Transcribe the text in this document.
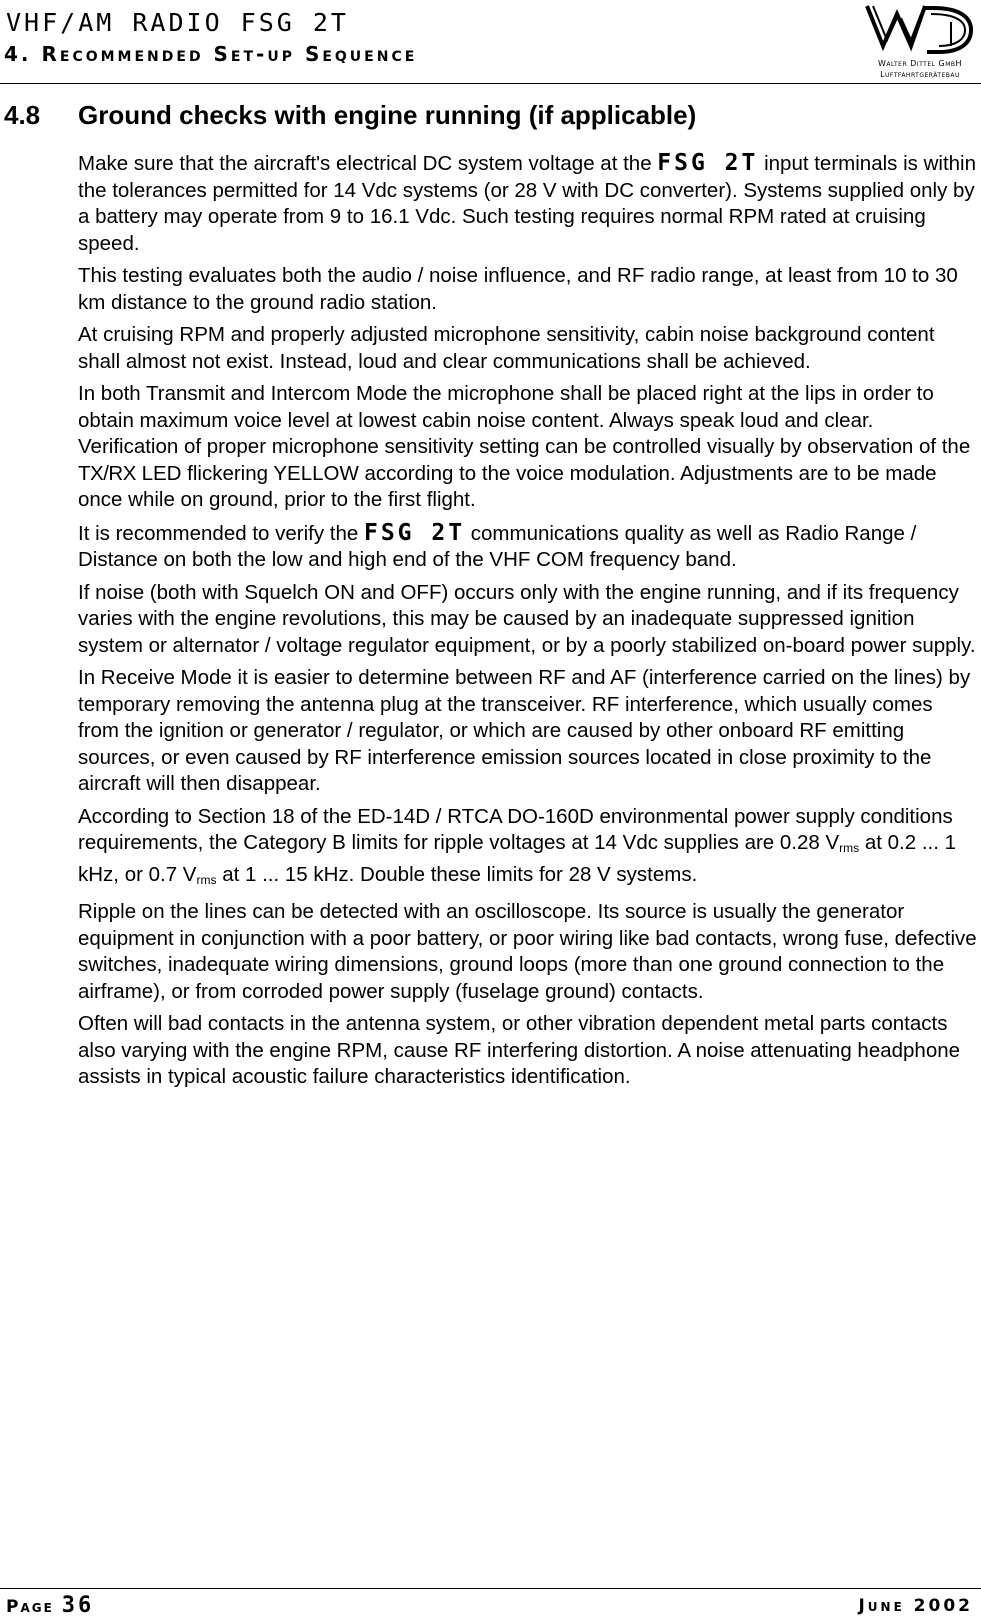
VHF/AM RADIO FSG 2T
4. Recommended Set-up Sequence	Walter Dittel GmbH
Luftfahrtgerätebau
4.8 Ground checks with engine running (if applicable)

Make sure that the aircraft's electrical DC system voltage at the FSG 2T input terminals is within the tolerances permitted for 14 Vdc systems (or 28 V with DC converter). Systems supplied only by a battery may operate from 9 to 16.1 Vdc. Such testing requires normal RPM rated at cruising speed.

This testing evaluates both the audio / noise influence, and RF radio range, at least from 10 to 30 km distance to the ground radio station.

At cruising RPM and properly adjusted microphone sensitivity, cabin noise background content shall almost not exist. Instead, loud and clear communications shall be achieved.

In both Transmit and Intercom Mode the microphone shall be placed right at the lips in order to obtain maximum voice level at lowest cabin noise content. Always speak loud and clear. Verification of proper microphone sensitivity setting can be controlled visually by observation of the TX/RX LED flickering YELLOW according to the voice modulation. Adjustments are to be made once while on ground, prior to the first flight.

It is recommended to verify the FSG 2T communications quality as well as Radio Range / Distance on both the low and high end of the VHF COM frequency band.

If noise (both with Squelch ON and OFF) occurs only with the engine running, and if its frequency varies with the engine revolutions, this may be caused by an inadequate suppressed ignition system or alternator / voltage regulator equipment, or by a poorly stabilized on-board power supply.

In Receive Mode it is easier to determine between RF and AF (interference carried on the lines) by temporary removing the antenna plug at the transceiver. RF interference, which usually comes from the ignition or generator / regulator, or which are caused by other onboard RF emitting sources, or even caused by RF interference emission sources located in close proximity to the aircraft will then disappear.

According to Section 18 of the ED-14D / RTCA DO-160D environmental power supply conditions requirements, the Category B limits for ripple voltages at 14 Vdc supplies are 0.28 $V_{rms}$ at 0.2 ... 1 kHz, or 0.7 $V_{rms}$ at 1 ... 15 kHz. Double these limits for 28 V systems.

Ripple on the lines can be detected with an oscilloscope. Its source is usually the generator equipment in conjunction with a poor battery, or poor wiring like bad contacts, wrong fuse, defective switches, inadequate wiring dimensions, ground loops (more than one ground connection to the airframe), or from corroded power supply (fuselage ground) contacts.

Often will bad contacts in the antenna system, or other vibration dependent metal parts contacts also varying with the engine RPM, cause RF interfering distortion. A noise attenuating headphone assists in typical acoustic failure characteristics identification.

Page 36	June 2002
